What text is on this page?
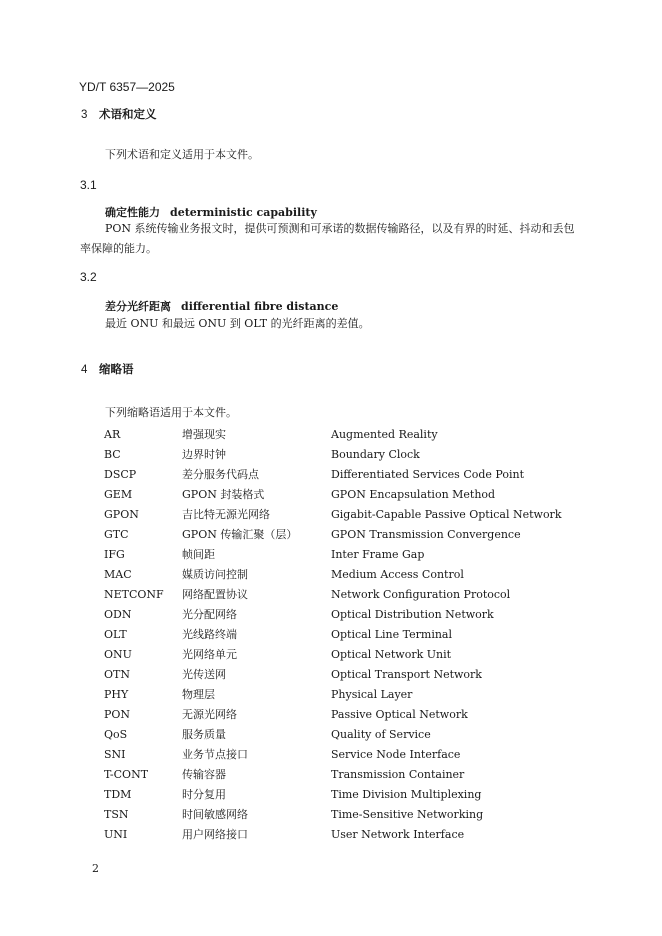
YD/T 6357—2025
3 术语和定义
下列术语和定义适用于本文件。
3.1
确定性能力 deterministic capability
PON 系统传输业务报文时，提供可预测和可承诺的数据传输路径，以及有界的时延、抖动和丢包
率保障的能力。
3.2
差分光纤距离 differential fibre distance
最近 ONU 和最远 ONU 到 OLT 的光纤距离的差值。
4 缩略语
下列缩略语适用于本文件。
AR	增强现实	Augmented Reality
BC	边界时钟	Boundary Clock
DSCP	差分服务代码点	Differentiated Services Code Point
GEM	GPON 封装格式	GPON Encapsulation Method
GPON	吉比特无源光网络	Gigabit-Capable Passive Optical Network
GTC	GPON 传输汇聚（层）	GPON Transmission Convergence
IFG	帧间距	Inter Frame Gap
MAC	媒质访问控制	Medium Access Control
NETCONF 网络配置协议	Network Configuration Protocol
ODN	光分配网络	Optical Distribution Network
OLT	光线路终端	Optical Line Terminal
ONU	光网络单元	Optical Network Unit
OTN	光传送网	Optical Transport Network
PHY	物理层	Physical Layer
PON	无源光网络	Passive Optical Network
QoS	服务质量	Quality of Service
SNI	业务节点接口	Service Node Interface
T-CONT	传输容器	Transmission Container
TDM	时分复用	Time Division Multiplexing
TSN	时间敏感网络	Time-Sensitive Networking
UNI	用户网络接口	User Network Interface
2
